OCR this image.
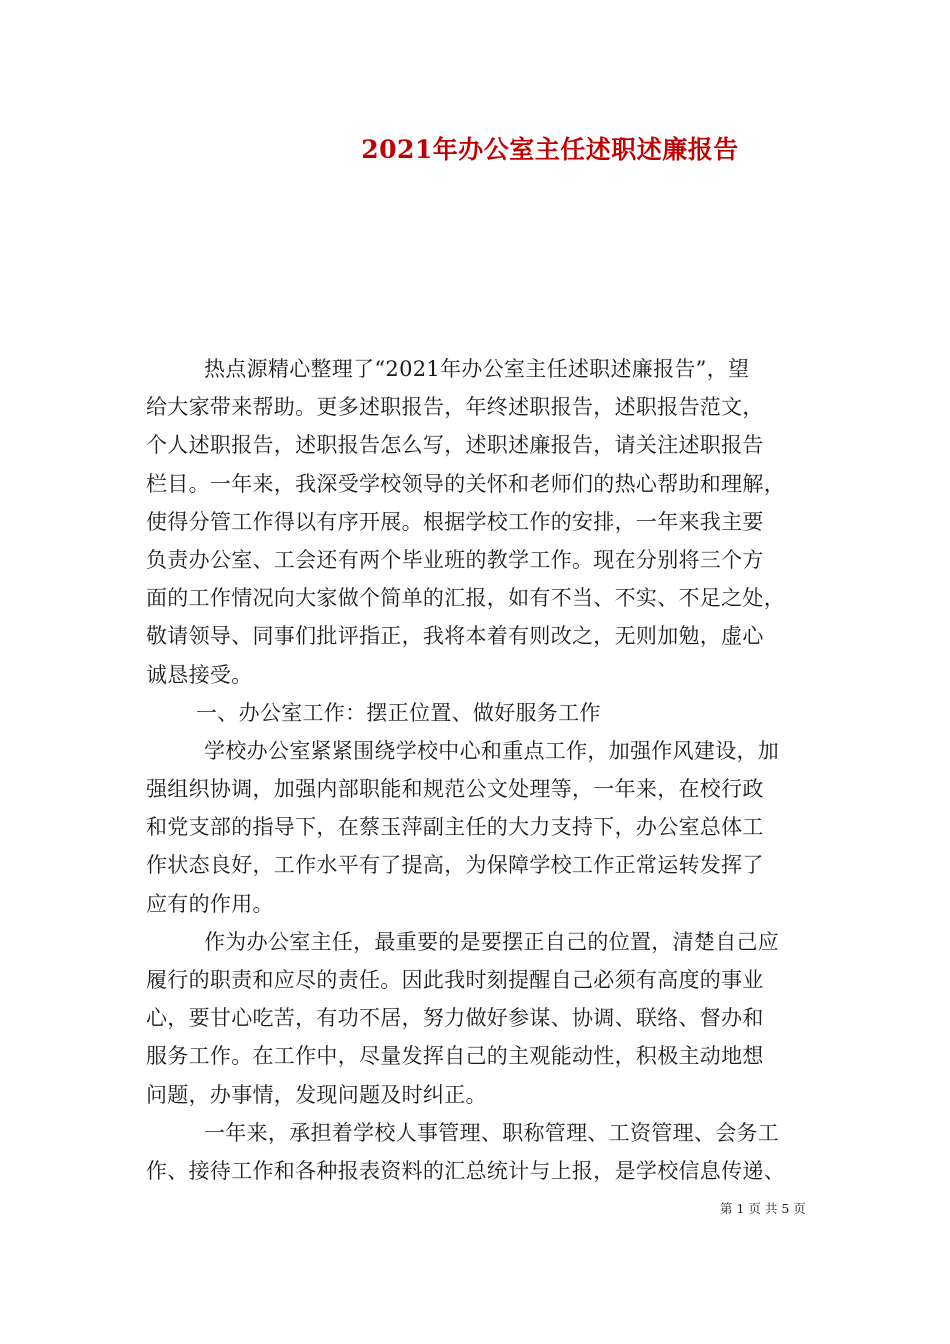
2021年办公室主任述职述廉报告
热点源精心整理了“2021年办公室主任述职述廉报告”，望
给大家带来帮助。更多述职报告，年终述职报告，述职报告范文，
个人述职报告，述职报告怎么写，述职述廉报告，请关注述职报告
栏目。一年来，我深受学校领导的关怀和老师们的热心帮助和理解，
使得分管工作得以有序开展。根据学校工作的安排，一年来我主要
负责办公室、工会还有两个毕业班的教学工作。现在分别将三个方
面的工作情况向大家做个简单的汇报，如有不当、不实、不足之处，
敬请领导、同事们批评指正，我将本着有则改之，无则加勉，虚心
诚恳接受。
一、办公室工作：摆正位置、做好服务工作
学校办公室紧紧围绕学校中心和重点工作，加强作风建设，加
强组织协调，加强内部职能和规范公文处理等，一年来，在校行政
和党支部的指导下，在蔡玉萍副主任的大力支持下，办公室总体工
作状态良好，工作水平有了提高，为保障学校工作正常运转发挥了
应有的作用。
作为办公室主任，最重要的是要摆正自己的位置，清楚自己应
履行的职责和应尽的责任。因此我时刻提醒自己必须有高度的事业
心，要甘心吃苦，有功不居，努力做好参谋、协调、联络、督办和
服务工作。在工作中，尽量发挥自己的主观能动性，积极主动地想
问题，办事情，发现问题及时纠正。
一年来，承担着学校人事管理、职称管理、工资管理、会务工
作、接待工作和各种报表资料的汇总统计与上报，是学校信息传递、
第 1 页 共 5 页
